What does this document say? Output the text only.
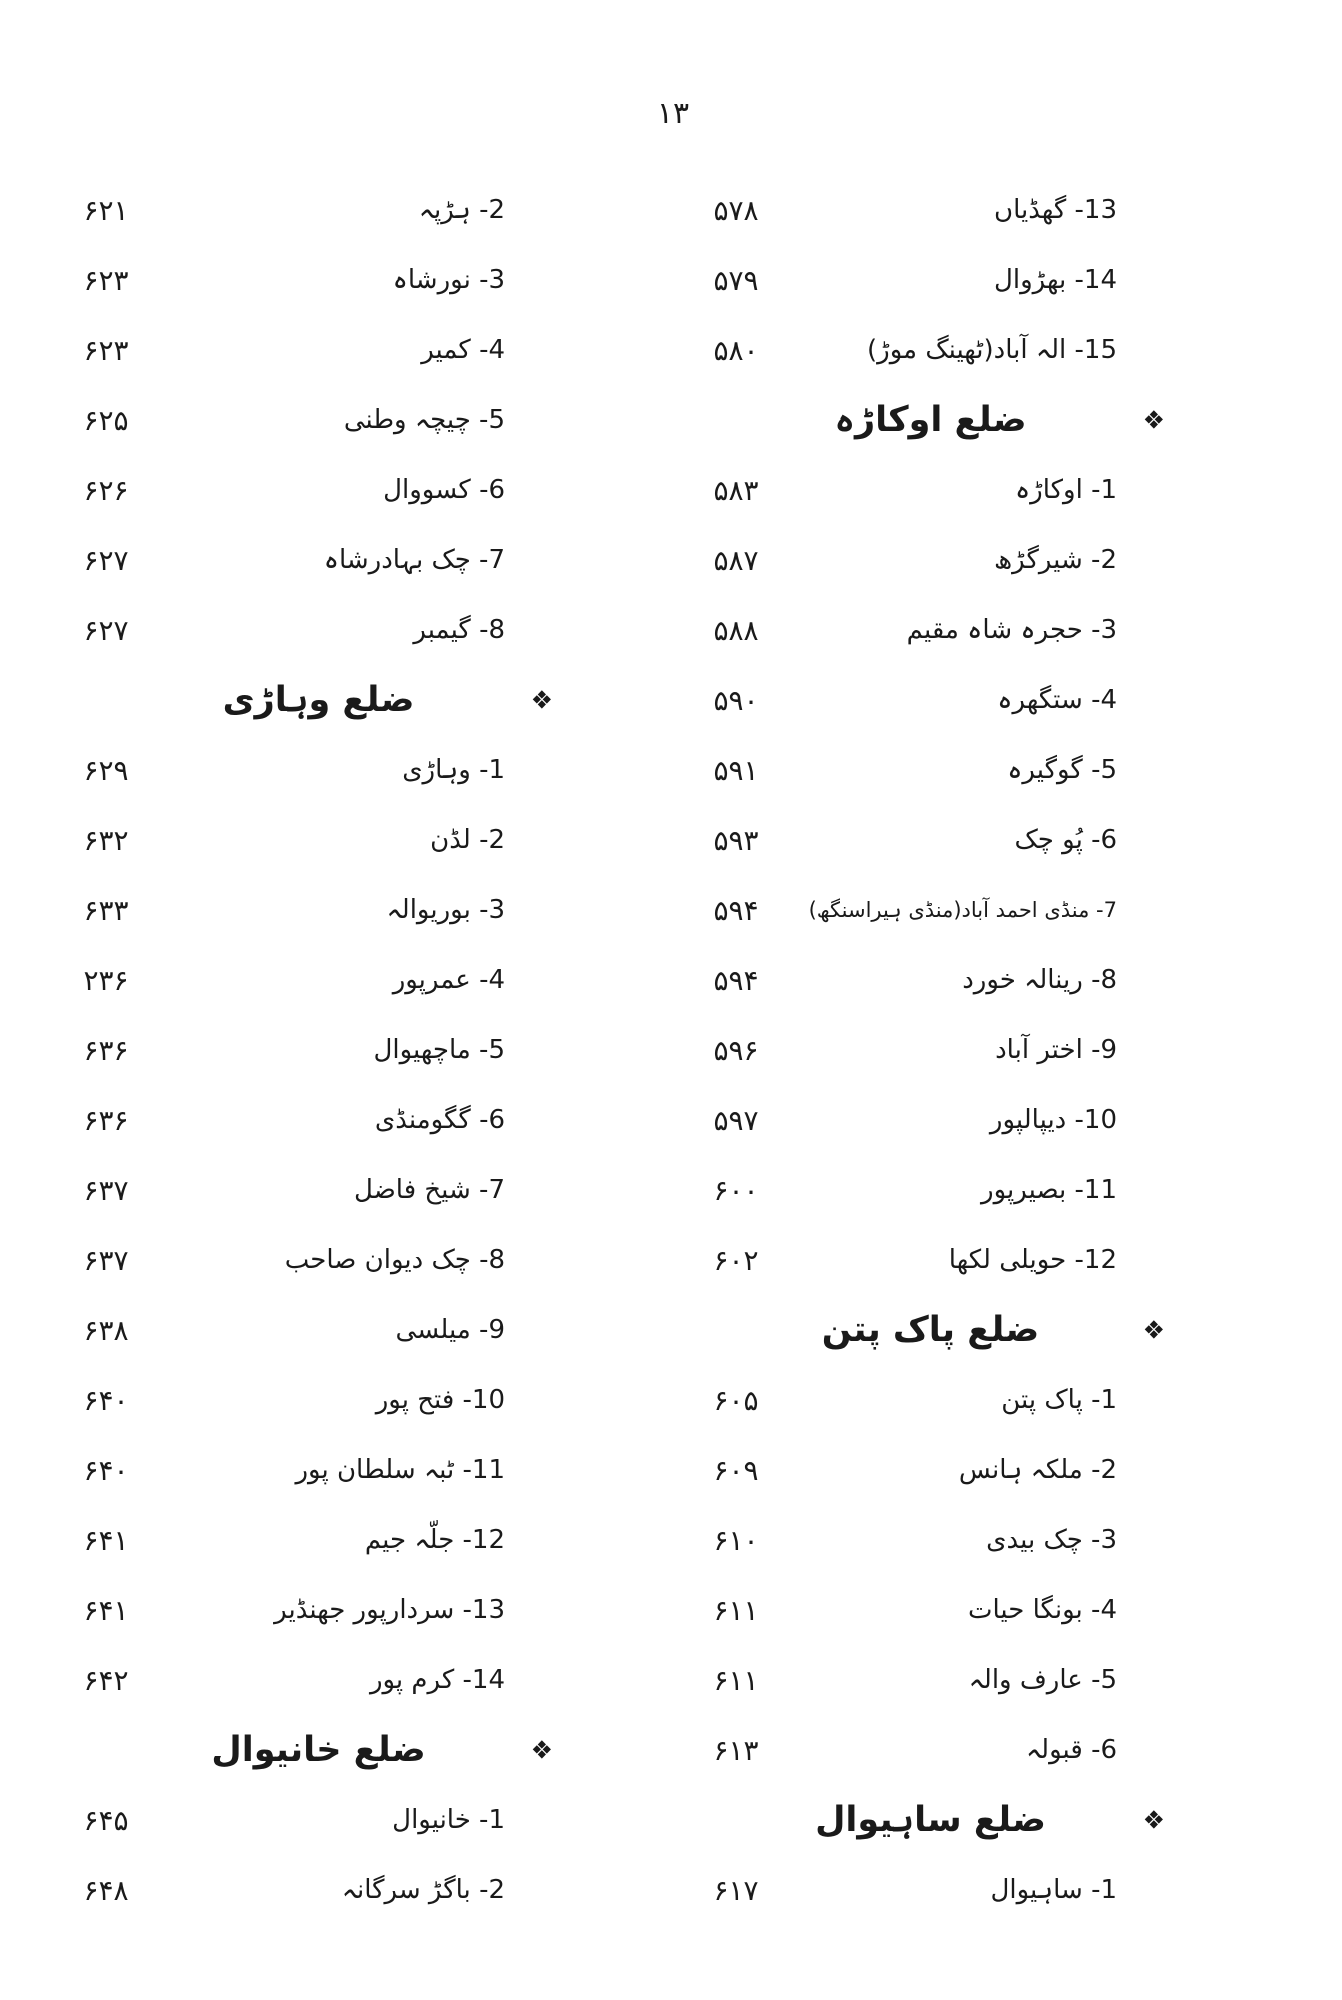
۱۳
13- گھڈیاں
۵۷۸
14- بھڑوال
۵۷۹
15- الہ آباد(ٹھینگ موڑ)
۵۸۰
❖
ضلع اوکاڑہ
1- اوکاڑہ
۵۸۳
2- شیرگڑھ
۵۸۷
3- حجرہ شاہ مقیم
۵۸۸
4- ستگھرہ
۵۹۰
5- گوگیرہ
۵۹۱
6- پُو چک
۵۹۳
7- منڈی احمد آباد(منڈی ہیراسنگھ)
۵۹۴
8- رینالہ خورد
۵۹۴
9- اختر آباد
۵۹۶
10- دیپالپور
۵۹۷
11- بصیرپور
۶۰۰
12- حویلی لکھا
۶۰۲
❖
ضلع پاک پتن
1- پاک پتن
۶۰۵
2- ملکہ ہانس
۶۰۹
3- چک بیدی
۶۱۰
4- بونگا حیات
۶۱۱
5- عارف والہ
۶۱۱
6- قبولہ
۶۱۳
❖
ضلع ساہیوال
1- ساہیوال
۶۱۷
2- ہڑپہ
۶۲۱
3- نورشاہ
۶۲۳
4- کمیر
۶۲۳
5- چیچہ وطنی
۶۲۵
6- کسووال
۶۲۶
7- چک بہادرشاہ
۶۲۷
8- گیمبر
۶۲۷
❖
ضلع وہاڑی
1- وہاڑی
۶۲۹
2- لڈن
۶۳۲
3- بوریوالہ
۶۳۳
4- عمرپور
۲۳۶
5- ماچھیوال
۶۳۶
6- گگومنڈی
۶۳۶
7- شیخ فاضل
۶۳۷
8- چک دیوان صاحب
۶۳۷
9- میلسی
۶۳۸
10- فتح پور
۶۴۰
11- ٹبہ سلطان پور
۶۴۰
12- جلّہ جیم
۶۴۱
13- سردارپور جھنڈیر
۶۴۱
14- کرم پور
۶۴۲
❖
ضلع خانیوال
1- خانیوال
۶۴۵
2- باگڑ سرگانہ
۶۴۸
